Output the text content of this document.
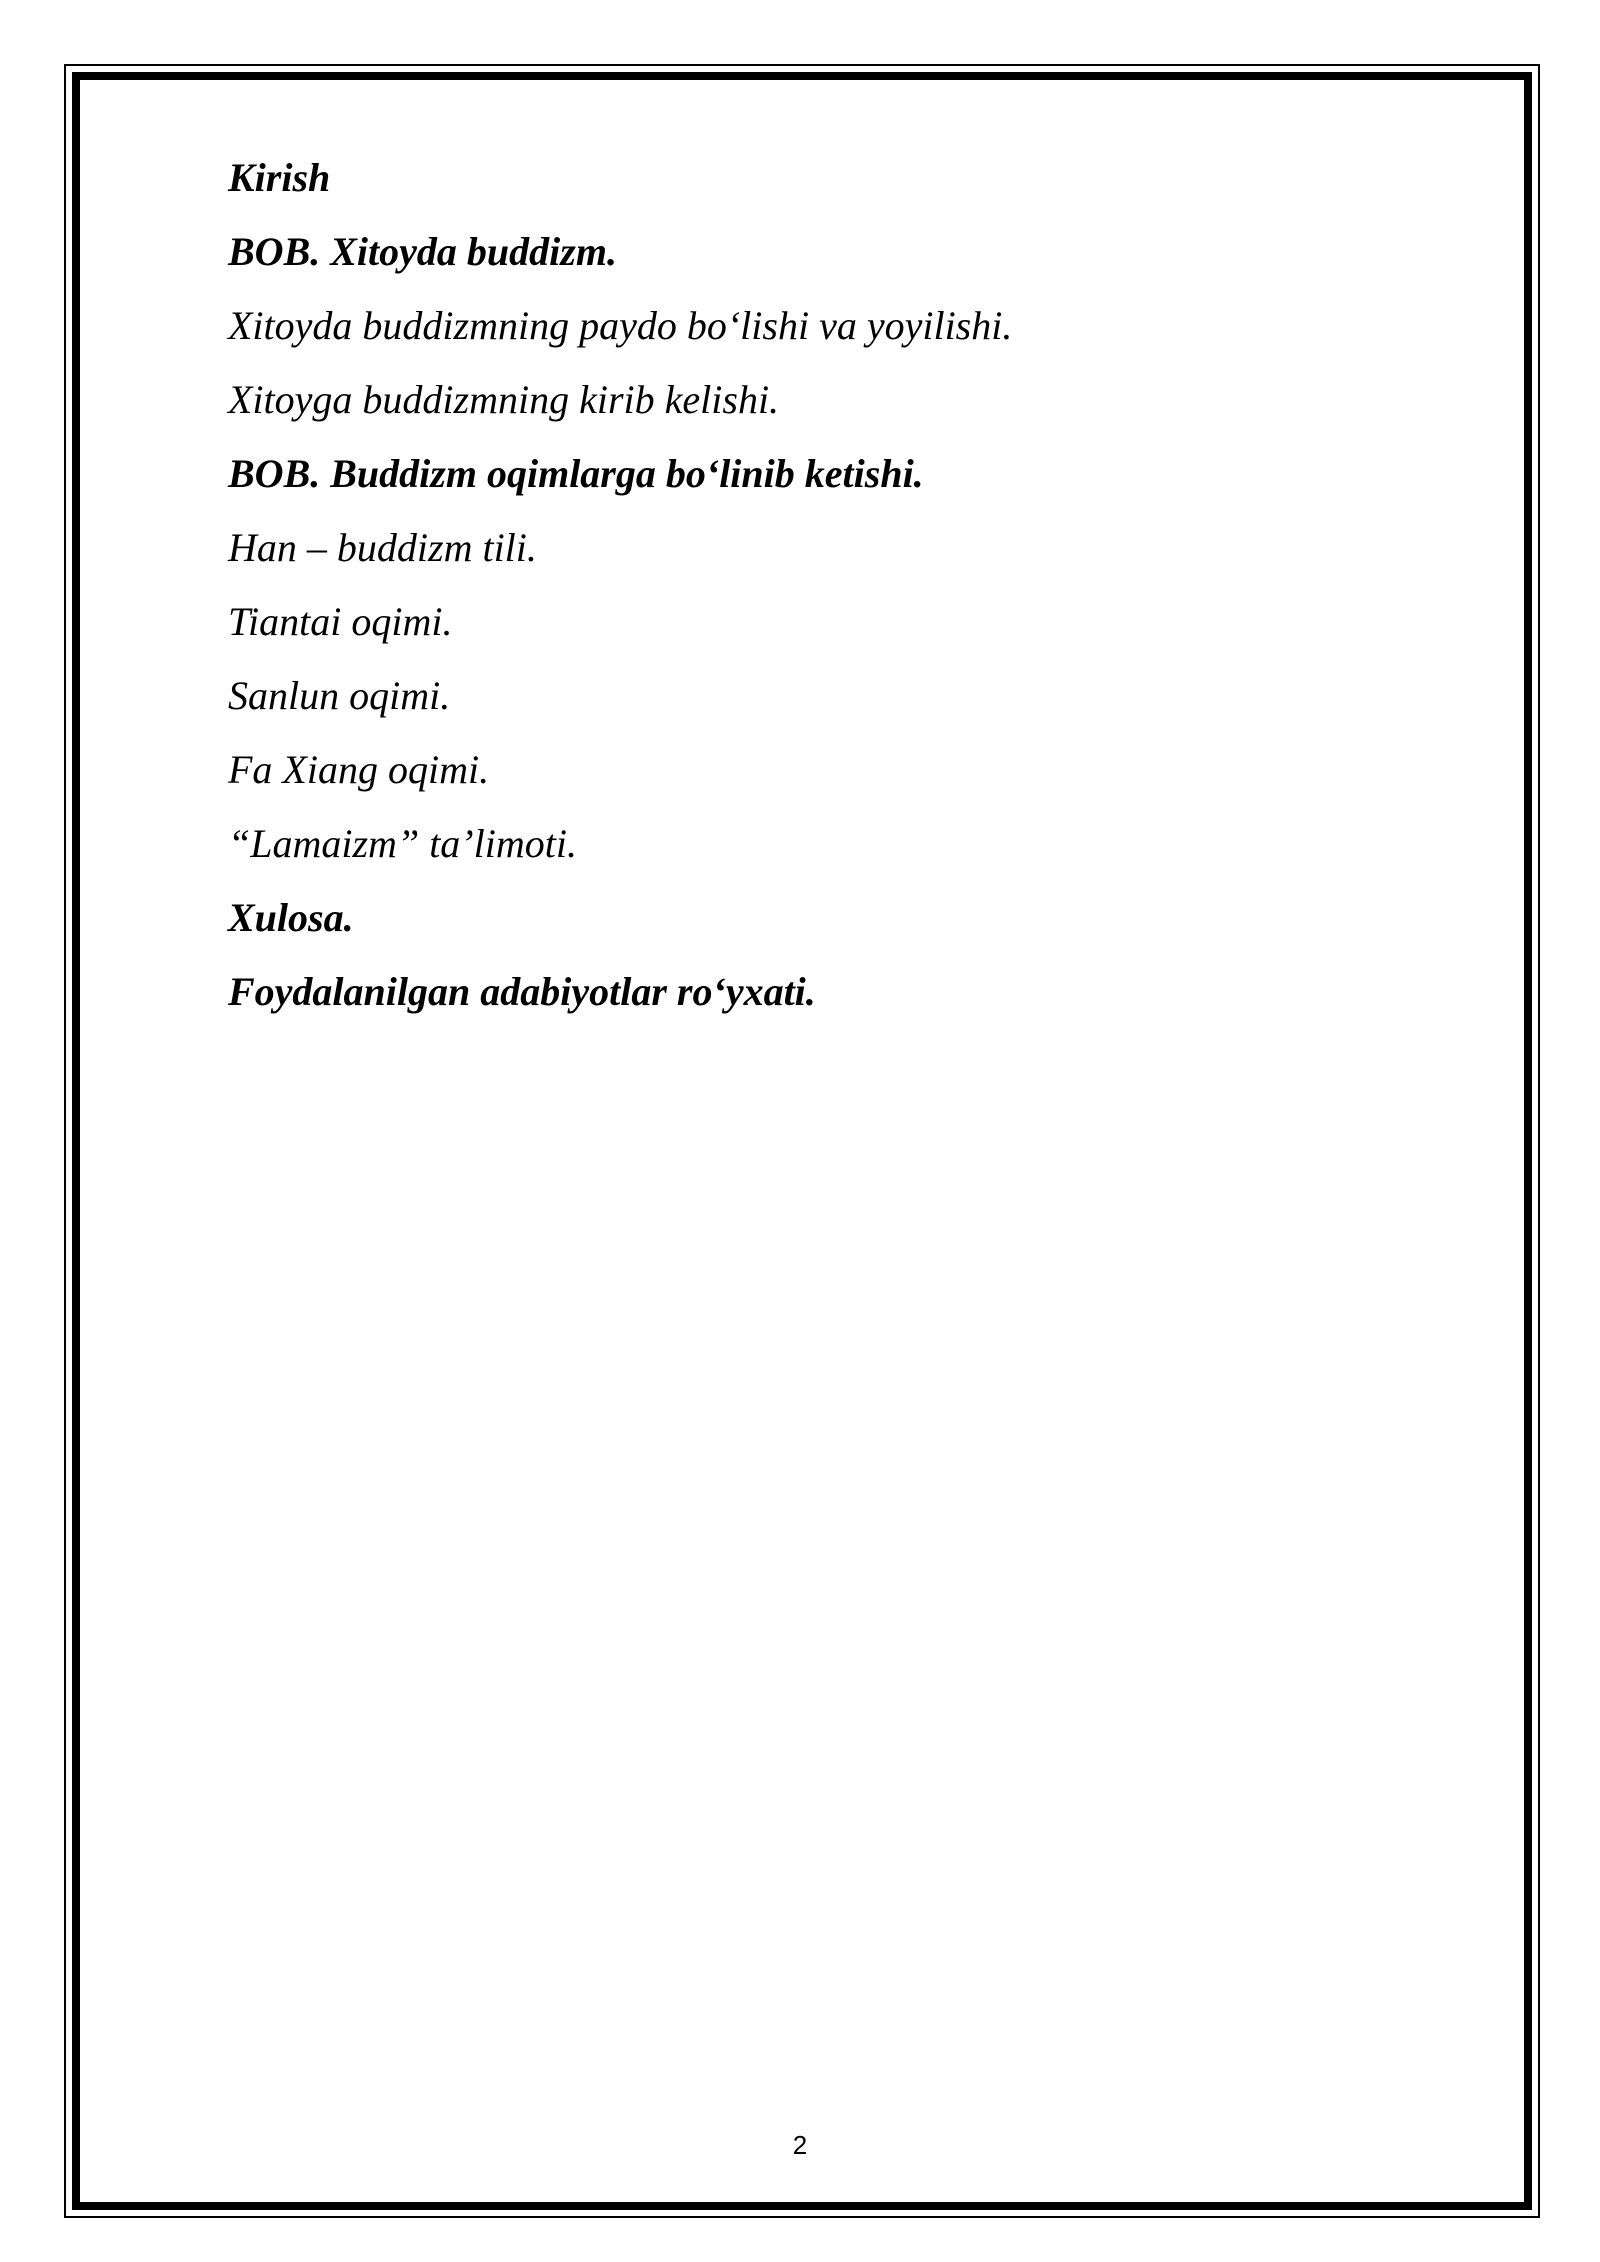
Kirish
BOB. Xitoyda buddizm.
Xitoyda buddizmning paydo bo‘lishi va yoyilishi.
Xitoyga buddizmning kirib kelishi.
BOB. Buddizm oqimlarga bo‘linib ketishi.
Han – buddizm tili.
Tiantai oqimi.
Sanlun oqimi.
Fa Xiang oqimi.
“Lamaizm” ta’limoti.
Xulosa.
Foydalanilgan adabiyotlar ro‘yxati.
2
